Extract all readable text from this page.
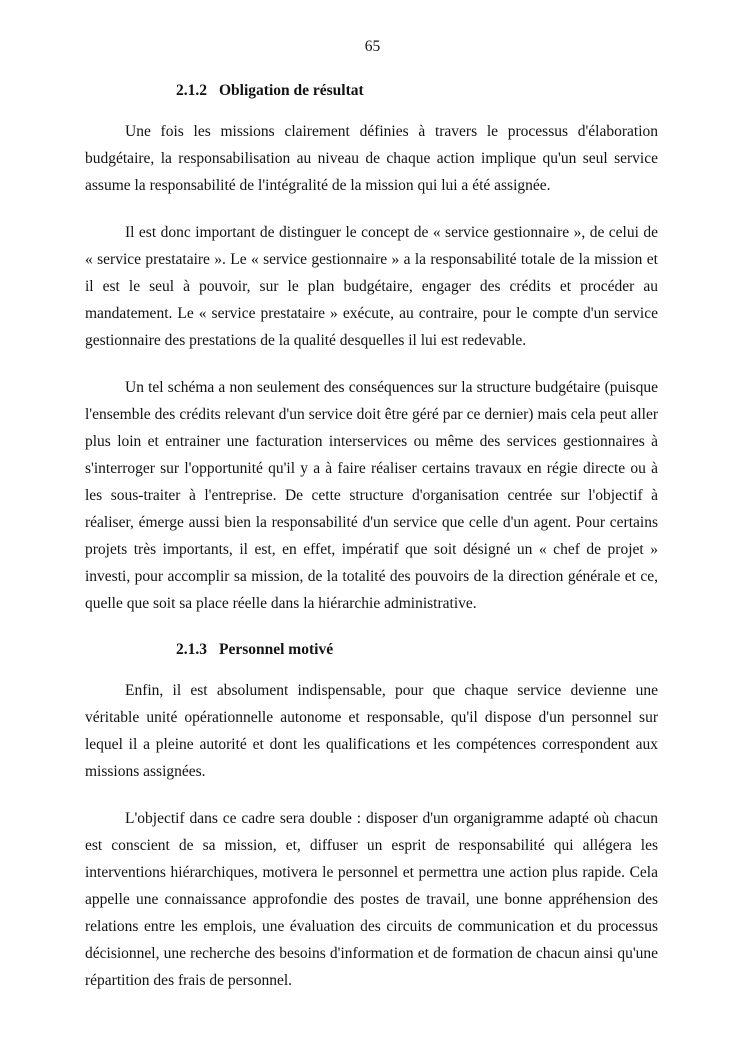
65
2.1.2 Obligation de résultat

Une fois les missions clairement définies à travers le processus d'élaboration budgétaire, la responsabilisation au niveau de chaque action implique qu'un seul service assume la responsabilité de l'intégralité de la mission qui lui a été assignée.

Il est donc important de distinguer le concept de « service gestionnaire », de celui de « service prestataire ». Le « service gestionnaire » a la responsabilité totale de la mission et il est le seul à pouvoir, sur le plan budgétaire, engager des crédits et procéder au mandatement. Le « service prestataire » exécute, au contraire, pour le compte d'un service gestionnaire des prestations de la qualité desquelles il lui est redevable.

Un tel schéma a non seulement des conséquences sur la structure budgétaire (puisque l'ensemble des crédits relevant d'un service doit être géré par ce dernier) mais cela peut aller plus loin et entrainer une facturation interservices ou même des services gestionnaires à s'interroger sur l'opportunité qu'il y a à faire réaliser certains travaux en régie directe ou à les sous-traiter à l'entreprise. De cette structure d'organisation centrée sur l'objectif à réaliser, émerge aussi bien la responsabilité d'un service que celle d'un agent. Pour certains projets très importants, il est, en effet, impératif que soit désigné un « chef de projet » investi, pour accomplir sa mission, de la totalité des pouvoirs de la direction générale et ce, quelle que soit sa place réelle dans la hiérarchie administrative.

2.1.3 Personnel motivé

Enfin, il est absolument indispensable, pour que chaque service devienne une véritable unité opérationnelle autonome et responsable, qu'il dispose d'un personnel sur lequel il a pleine autorité et dont les qualifications et les compétences correspondent aux missions assignées.

L'objectif dans ce cadre sera double : disposer d'un organigramme adapté où chacun est conscient de sa mission, et, diffuser un esprit de responsabilité qui allégera les interventions hiérarchiques, motivera le personnel et permettra une action plus rapide. Cela appelle une connaissance approfondie des postes de travail, une bonne appréhension des relations entre les emplois, une évaluation des circuits de communication et du processus décisionnel, une recherche des besoins d'information et de formation de chacun ainsi qu'une répartition des frais de personnel.
